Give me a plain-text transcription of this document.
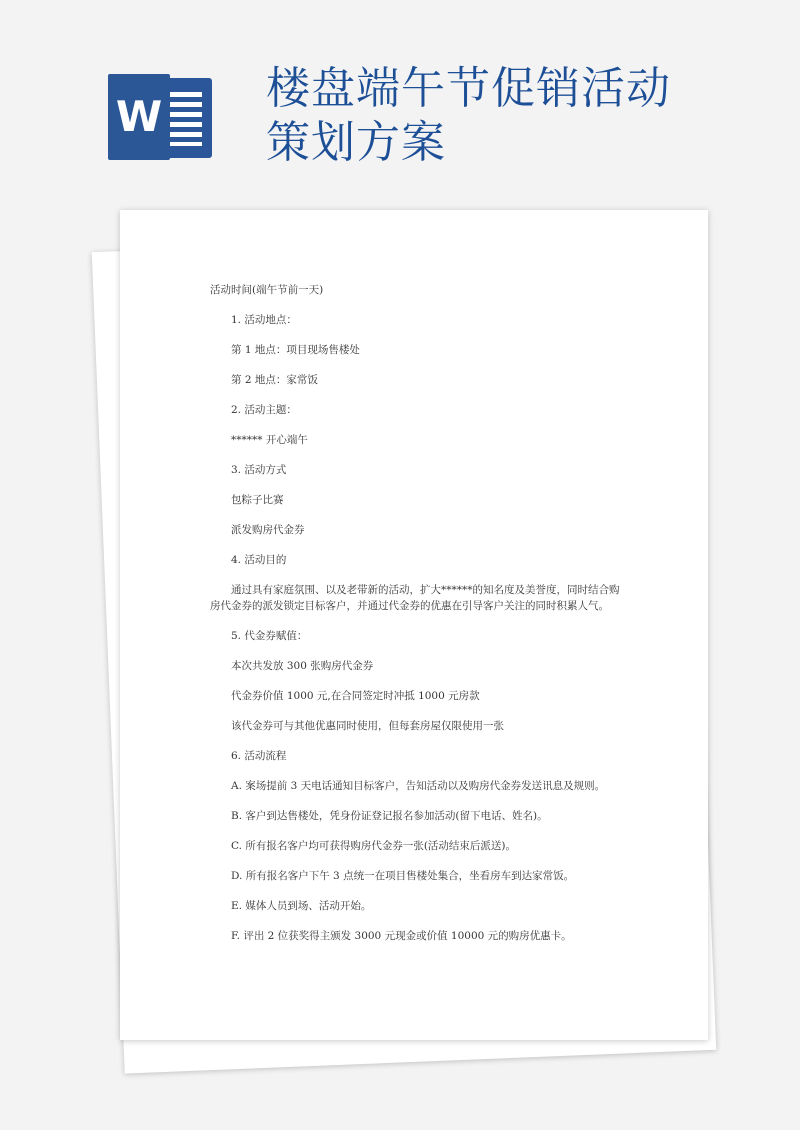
W
楼盘端午节促销活动策划方案

活动时间(端午节前一天)

1. 活动地点：

第 1 地点：项目现场售楼处

第 2 地点：家常饭

2. 活动主题：

****** 开心端午

3. 活动方式

包粽子比赛

派发购房代金券

4. 活动目的

通过具有家庭氛围、以及老带新的活动，扩大******的知名度及美誉度，同时结合购房代金券的派发锁定目标客户，并通过代金券的优惠在引导客户关注的同时积累人气。

5. 代金券赋值：

本次共发放 300 张购房代金券

代金券价值 1000 元,在合同签定时冲抵 1000 元房款

该代金券可与其他优惠同时使用，但每套房屋仅限使用一张

6. 活动流程

A. 案场提前 3 天电话通知目标客户，告知活动以及购房代金券发送讯息及规则。

B. 客户到达售楼处，凭身份证登记报名参加活动(留下电话、姓名)。

C. 所有报名客户均可获得购房代金券一张(活动结束后派送)。

D. 所有报名客户下午 3 点统一在项目售楼处集合，坐看房车到达家常饭。

E. 媒体人员到场、活动开始。

F. 评出 2 位获奖得主颁发 3000 元现金或价值 10000 元的购房优惠卡。
